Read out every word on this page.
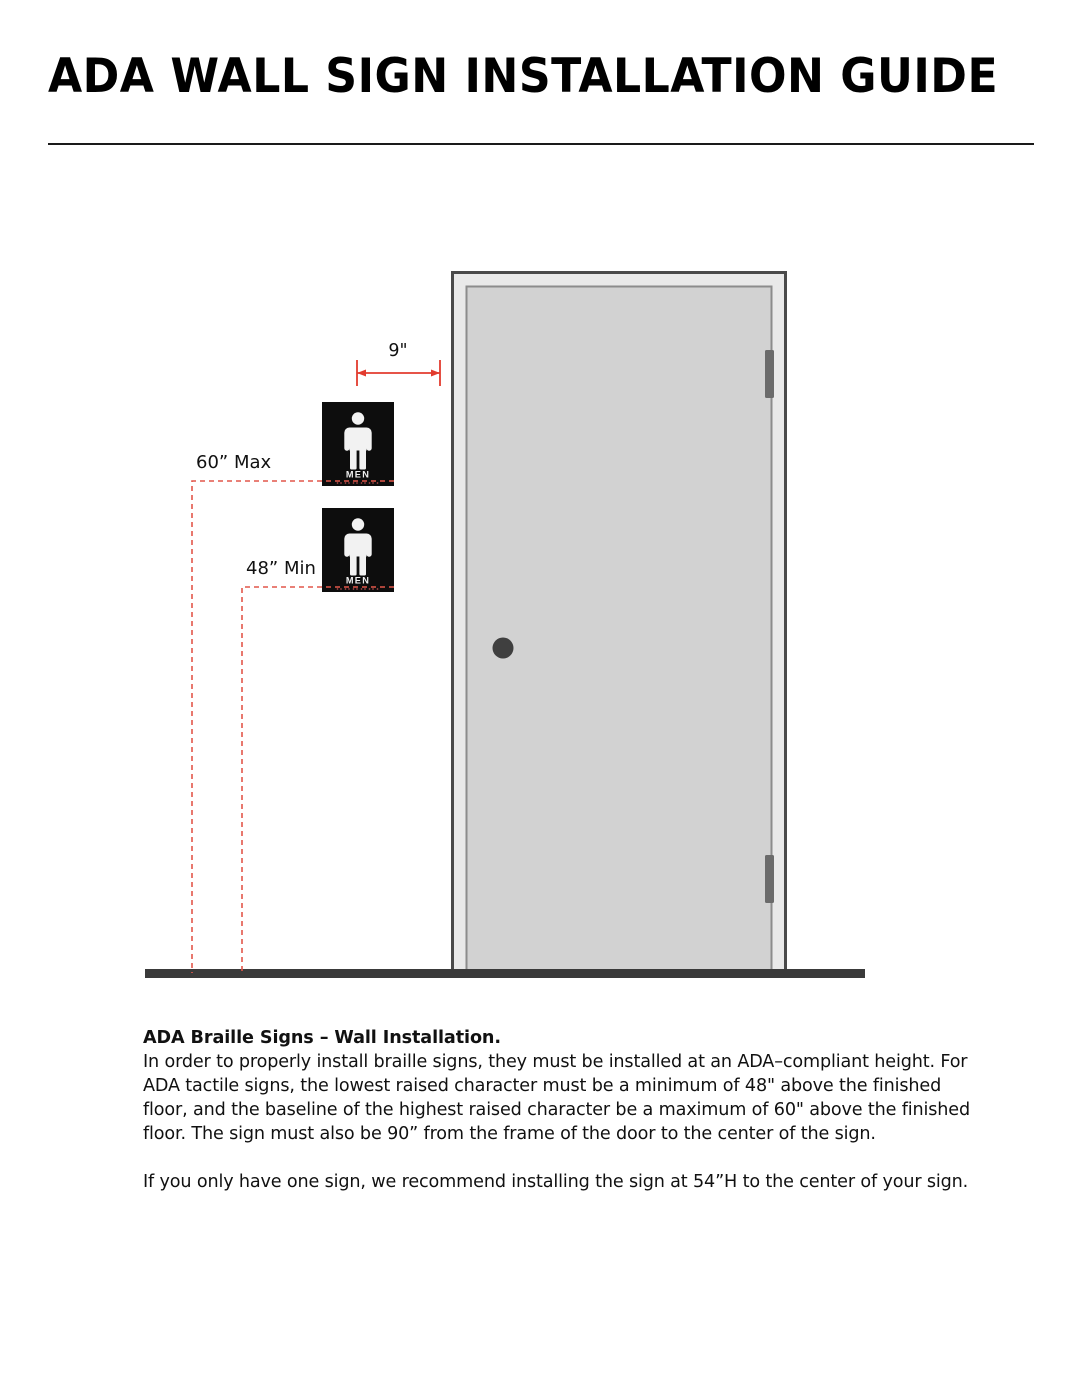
ADA WALL SIGN INSTALLATION GUIDE
MEN
9"
60” Max
48” Min

ADA Braille Signs – Wall Installation.

In order to properly install braille signs, they must be installed at an ADA–compliant height. For ADA tactile signs, the lowest raised character must be a minimum of 48" above the finished floor, and the baseline of the highest raised character be a maximum of 60" above the finished floor. The sign must also be 90” from the frame of the door to the center of the sign.

If you only have one sign, we recommend installing the sign at 54”H to the center of your sign.
